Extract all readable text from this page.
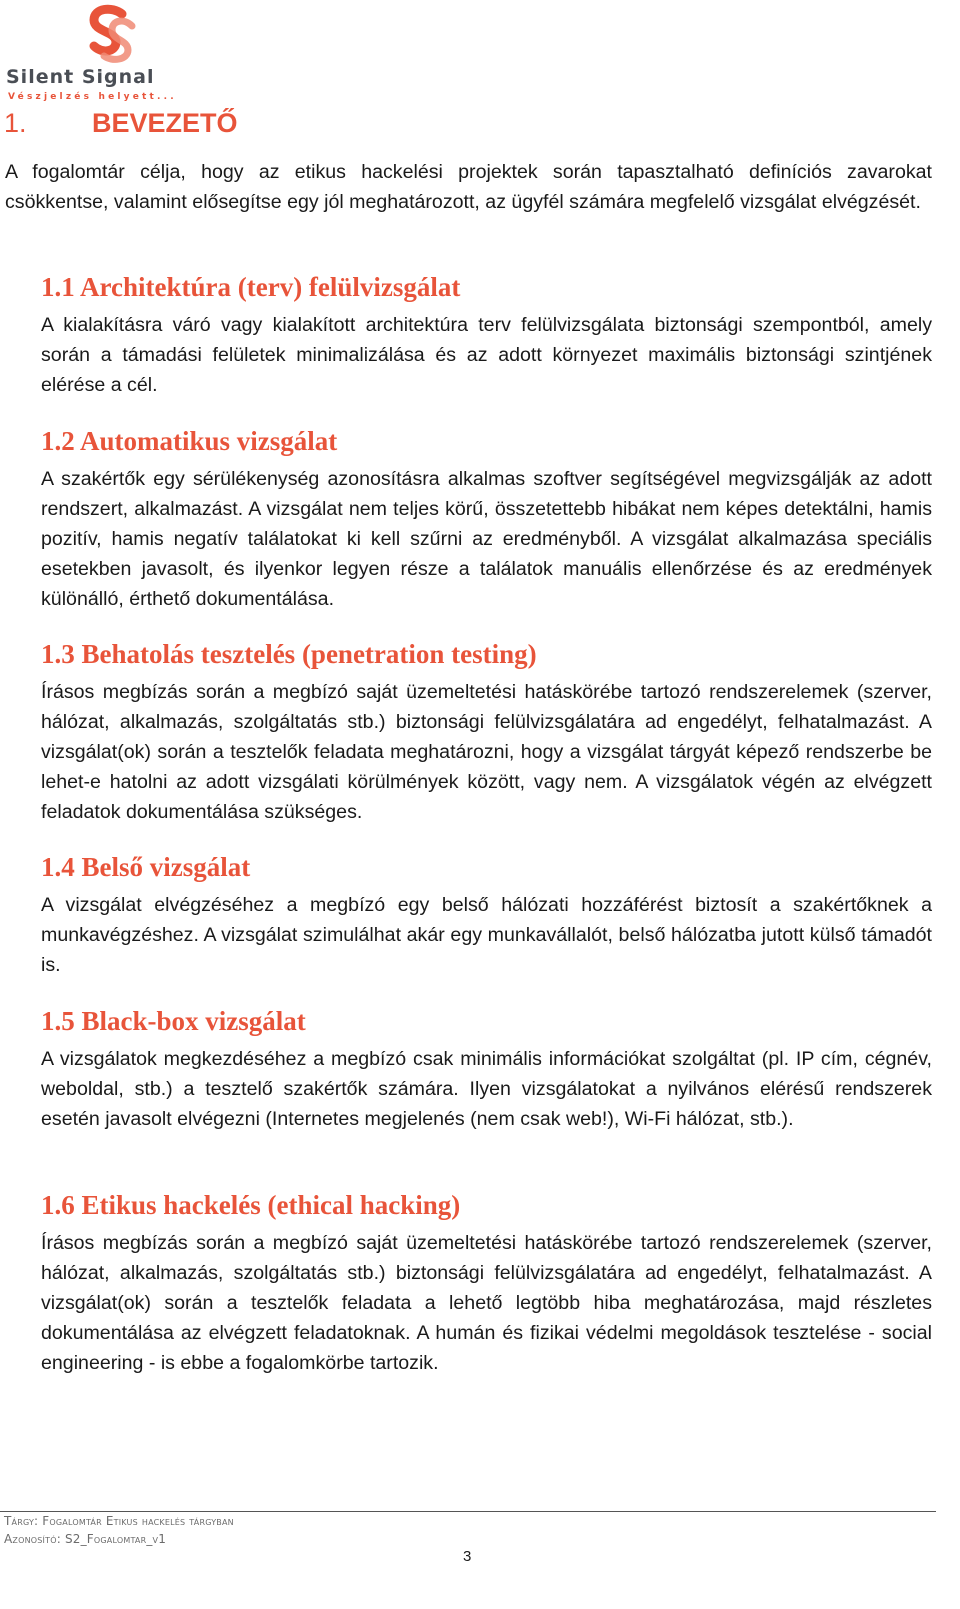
Silent Signal
Vészjelzés helyett...
1. BEVEZETŐ

A fogalomtár célja, hogy az etikus hackelési projektek során tapasztalható definíciós zavarokat csökkentse, valamint elősegítse egy jól meghatározott, az ügyfél számára megfelelő vizsgálat elvégzését.

1.1 Architektúra (terv) felülvizsgálat

A kialakításra váró vagy kialakított architektúra terv felülvizsgálata biztonsági szempontból, amely során a támadási felületek minimalizálása és az adott környezet maximális biztonsági szintjének elérése a cél.

1.2 Automatikus vizsgálat

A szakértők egy sérülékenység azonosításra alkalmas szoftver segítségével megvizsgálják az adott rendszert, alkalmazást. A vizsgálat nem teljes körű, összetettebb hibákat nem képes detektálni, hamis pozitív, hamis negatív találatokat ki kell szűrni az eredményből. A vizsgálat alkalmazása speciális esetekben javasolt, és ilyenkor legyen része a találatok manuális ellenőrzése és az eredmények különálló, érthető dokumentálása.

1.3 Behatolás tesztelés (penetration testing)

Írásos megbízás során a megbízó saját üzemeltetési hatáskörébe tartozó rendszerelemek (szerver, hálózat, alkalmazás, szolgáltatás stb.) biztonsági felülvizsgálatára ad engedélyt, felhatalmazást. A vizsgálat(ok) során a tesztelők feladata meghatározni, hogy a vizsgálat tárgyát képező rendszerbe be lehet-e hatolni az adott vizsgálati körülmények között, vagy nem. A vizsgálatok végén az elvégzett feladatok dokumentálása szükséges.

1.4 Belső vizsgálat

A vizsgálat elvégzéséhez a megbízó egy belső hálózati hozzáférést biztosít a szakértőknek a munkavégzéshez. A vizsgálat szimulálhat akár egy munkavállalót, belső hálózatba jutott külső támadót is.

1.5 Black-box vizsgálat

A vizsgálatok megkezdéséhez a megbízó csak minimális információkat szolgáltat (pl. IP cím, cégnév, weboldal, stb.) a tesztelő szakértők számára. Ilyen vizsgálatokat a nyilvános elérésű rendszerek esetén javasolt elvégezni (Internetes megjelenés (nem csak web!), Wi-Fi hálózat, stb.).

1.6 Etikus hackelés (ethical hacking)

Írásos megbízás során a megbízó saját üzemeltetési hatáskörébe tartozó rendszerelemek (szerver, hálózat, alkalmazás, szolgáltatás stb.) biztonsági felülvizsgálatára ad engedélyt, felhatalmazást. A vizsgálat(ok) során a tesztelők feladata a lehető legtöbb hiba meghatározása, majd részletes dokumentálása az elvégzett feladatoknak. A humán és fizikai védelmi megoldások tesztelése - social engineering - is ebbe a fogalomkörbe tartozik.

Tárgy: Fogalomtár Etikus hackelés tárgyban
Azonosító: S2_Fogalomtar_v1
3
